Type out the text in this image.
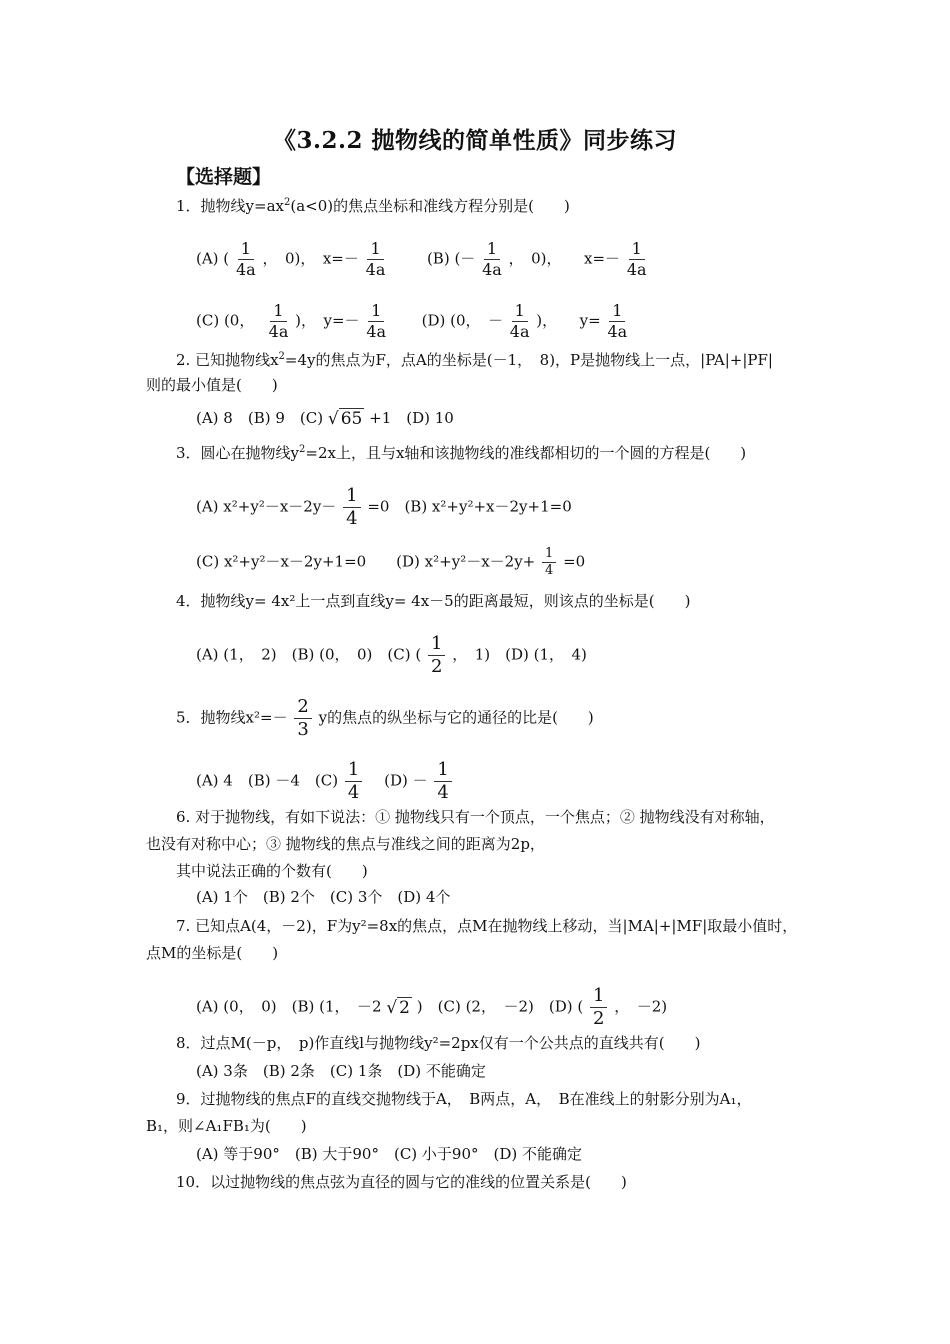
《3.2.2 抛物线的简单性质》同步练习
【选择题】
1．抛物线$y=ax^2(a<0)$的焦点坐标和准线方程分别是(　　)
(A) ( $\frac{1}{4a}$ ，　0)，　$x=- \frac{1}{4a}$	(B) (－ $\frac{1}{4a}$ ，　0)，　　$x=- \frac{1}{4a}$
(C) (0，　 $\frac{1}{4a}$ )，　$y=- \frac{1}{4a} (D)$ (0，　－ $\frac{1}{4a}$ )，　　$y= \frac{1}{4a}$
2. 已知抛物线$x^2=4y$的焦点为F，点A的坐标是(－1，　8)，P是抛物线上一点，|PA|+|PF|
则的最小值是(　　)
(A) 8　(B) 9　(C) √ 65 +1　(D) 10
3．圆心在抛物线$y^2=2x$上，且与x轴和该抛物线的准线都相切的一个圆的方程是(　　)
(A) $x^2+y^2-x-2y- \frac{1}{4} =0$　(B) x²+y²+x－2y+1=0
(C) x²+y²－x－2y+1=0　　(D) $x^2+y^2-x-2y+ \frac{1}{4} =0$
4．抛物线y= 4x²上一点到直线y= 4x－5的距离最短，则该点的坐标是(　　)
(A) (1，　2)　(B) (0，　0)　(C) ( $\frac{1}{2}$ ，　1)　(D) (1，　4)
5．抛物线$x^2=- \frac{2}{3}$ y的焦点的纵坐标与它的通径的比是(　　)
(A) 4　(B) －4　$(C) \frac{1}{4}$ 　$(D) - \frac{1}{4}$
6. 对于抛物线，有如下说法：① 抛物线只有一个顶点，一个焦点；② 抛物线没有对称轴，
也没有对称中心；③ 抛物线的焦点与准线之间的距离为2p，
其中说法正确的个数有(　　)
(A) 1个　(B) 2个　(C) 3个　(D) 4个
7. 已知点A(4，－2)，F为y²=8x的焦点，点M在抛物线上移动，当|MA|+|MF|取最小值时，
点M的坐标是(　　)
(A) (0，　0)　(B) (1，　－2 √ 2 )　(C) (2，　－2)　(D) ( $\frac{1}{2}$ ，　－2)
8．过点M(－p，　p)作直线l与抛物线y²=2px仅有一个公共点的直线共有(　　)
(A) 3条　(B) 2条　(C) 1条　(D) 不能确定
9．过抛物线的焦点F的直线交抛物线于A，　B两点，A，　B在准线上的射影分别为A₁，
B₁，则∠A₁FB₁为(　　)
(A) 等于90°　(B) 大于90°　(C) 小于90°　(D) 不能确定
10．以过抛物线的焦点弦为直径的圆与它的准线的位置关系是(　　)
